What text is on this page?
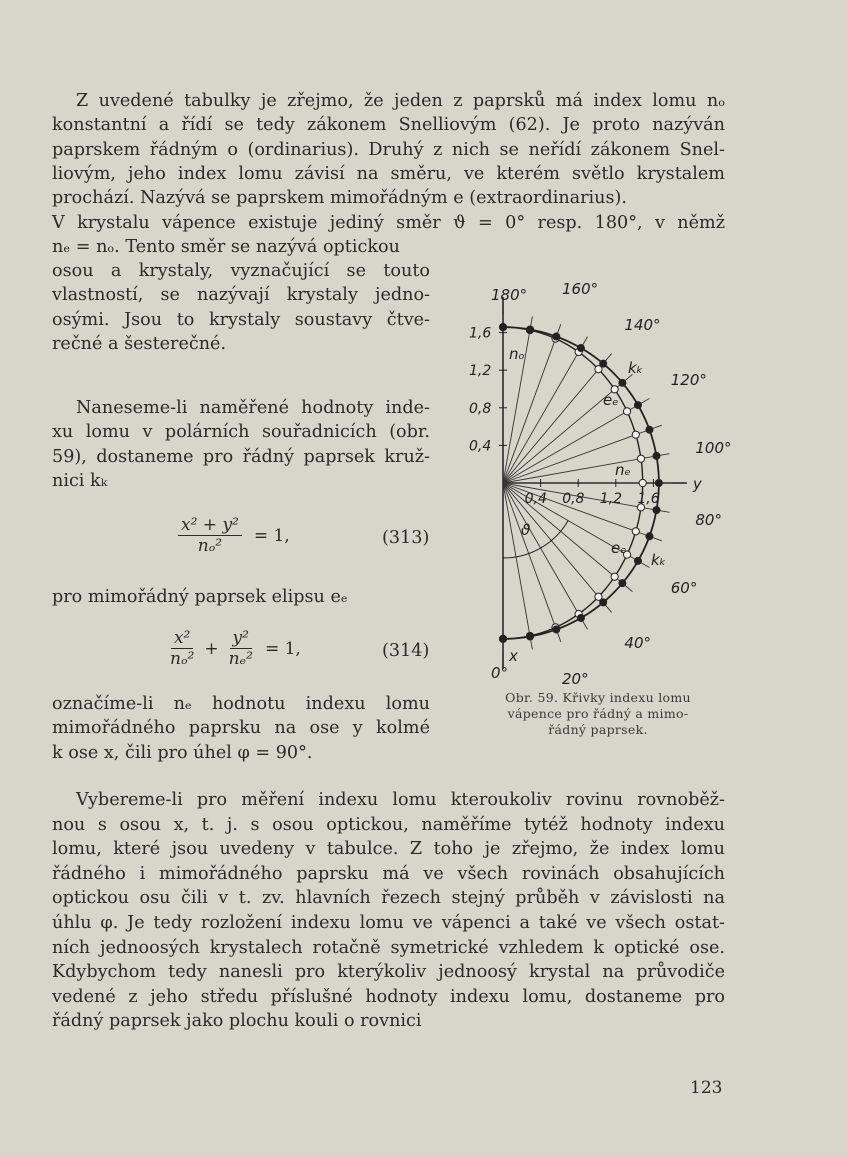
Z uvedené tabulky je zřejmo, že jeden z paprsků má index lomu nₒ
konstantní a řídí se tedy zákonem Snelliovým (62). Je proto nazýván
paprskem řádným o (ordinarius). Druhý z nich se neřídí zákonem Snel-
liovým, jeho index lomu závisí na směru, ve kterém světlo krystalem
prochází. Nazývá se paprskem mimořádným e (extraordinarius).
V krystalu vápence existuje jediný směr ϑ = 0° resp. 180°, v němž
nₑ = nₒ. Tento směr se nazývá optickou
osou a krystaly, vyznačující se touto
vlastností, se nazývají krystaly jedno-
osými. Jsou to krystaly soustavy čtve-
rečné a šesterečné.
Naneseme-li naměřené hodnoty inde-
xu lomu v polárních souřadnicích (obr.
59), dostaneme pro řádný paprsek kruž-
nici kₖ
pro mimořádný paprsek elipsu eₑ
označíme-li nₑ hodnotu indexu lomu
mimořádného paprsku na ose y kolmé
k ose x, čili pro úhel φ = 90°.
Vybereme-li pro měření indexu lomu kteroukoliv rovinu rovnoběž-
nou s osou x, t. j. s osou optickou, naměříme tytéž hodnoty indexu
lomu, které jsou uvedeny v tabulce. Z toho je zřejmo, že index lomu
řádného i mimořádného paprsku má ve všech rovinách obsahujících
optickou osu čili v t. zv. hlavních řezech stejný průběh v závislosti na
úhlu φ. Je tedy rozložení indexu lomu ve vápenci a také ve všech ostat-
ních jednoosých krystalech rotačně symetrické vzhledem k optické ose.
Kdybychom tedy nanesli pro kterýkoliv jednoosý krystal na průvodiče
vedené z jeho středu příslušné hodnoty indexu lomu, dostaneme pro
řádný paprsek jako plochu kouli o rovnici
$\frac{\text{x² + y²}}{\text{nₒ²}} = 1$,	(313)
$\frac{\text{x²}}{\text{nₒ²}} + \frac{\text{y²}}{\text{nₑ²}} = 1$,	(314)
0°	20°
40°
60°
80°
100°
120°
140°
160°
180°
0,4
0,4
0,8
0,8
1,2
1,2
1,6
1,6
nₒ
nₑ
kₖ
eₑ
eₑ
kₖ
x
y
ϑ
Obr. 59. Křivky indexu lomu
vápence pro řádný a mimo-
řádný paprsek.
123
